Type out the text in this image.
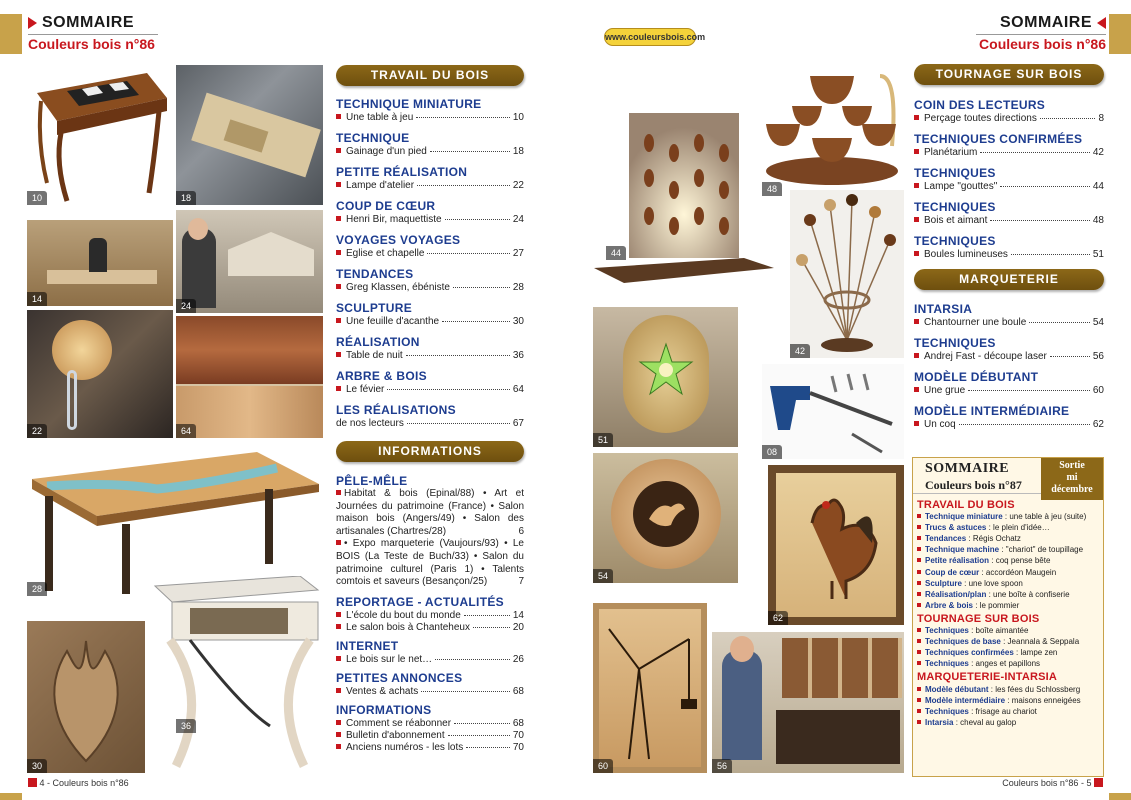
SOMMAIRE
Couleurs bois n°86
SOMMAIRE
Couleurs bois n°86
www.couleursbois.com
10	18
14
24
22	64
28
30
36
TRAVAIL DU BOIS
TECHNIQUE MINIATURE
Une table à jeu	10
TECHNIQUE
Gainage d'un pied	18
PETITE RÉALISATION
Lampe d'atelier	22
COUP DE CŒUR
Henri Bir, maquettiste	24
VOYAGES VOYAGES
Eglise et chapelle	27
TENDANCES
Greg Klassen, ébéniste	28
SCULPTURE
Une feuille d'acanthe	30
RÉALISATION
Table de nuit	36
ARBRE & BOIS
Le févier	64
LES RÉALISATIONS
de nos lecteurs	67
INFORMATIONS
PÊLE-MÊLE
Habitat & bois (Epinal/88) • Art et Journées du patrimoine (France) • Salon maison bois (Angers/49) • Salon des artisanales (Chartres/28)	6
• Expo marqueterie (Vaujours/93) • Le BOIS (La Teste de Buch/33) • Salon du patrimoine culturel (Paris 1) • Talents comtois et saveurs (Besançon/25)	7
REPORTAGE - ACTUALITÉS
L'école du bout du monde	14
Le salon bois à Chanteheux	20
INTERNET
Le bois sur le net…	26
PETITES ANNONCES
Ventes & achats	68
INFORMATIONS
Comment se réabonner	68
Bulletin d'abonnement	70
Anciens numéros - les lots	70
44
48
42
51
08
54
62
60	56
TOURNAGE SUR BOIS
COIN DES LECTEURS
Perçage toutes directions	8
TECHNIQUES CONFIRMÉES
Planétarium	42
TECHNIQUES
Lampe "gouttes"	44
TECHNIQUES
Bois et aimant	48
TECHNIQUES
Boules lumineuses	51
MARQUETERIE
INTARSIA
Chantourner une boule	54
TECHNIQUES
Andrej Fast - découpe laser	56
MODÈLE DÉBUTANT
Une grue	60
MODÈLE INTERMÉDIAIRE
Un coq	62
SOMMAIRE
Couleurs bois n°87
Sortie
mi
décembre
TRAVAIL DU BOIS
Technique miniature : une table à jeu (suite)
Trucs & astuces : le plein d'idée…
Tendances : Régis Ochatz
Technique machine : "chariot" de toupillage
Petite réalisation : coq pense bête
Coup de cœur : accordéon Maugein
Sculpture : une love spoon
Réalisation/plan : une boîte à confiserie
Arbre & bois : le pommier
TOURNAGE SUR BOIS
Techniques : boîte aimantée
Techniques de base : Jeannala & Seppala
Techniques confirmées : lampe zen
Techniques : anges et papillons
MARQUETERIE-INTARSIA
Modèle débutant : les fées du Schlossberg
Modèle intermédiaire : maisons enneigées
Techniques : frisage au chariot
Intarsia : cheval au galop
4 - Couleurs bois n°86	Couleurs bois n°86 - 5
